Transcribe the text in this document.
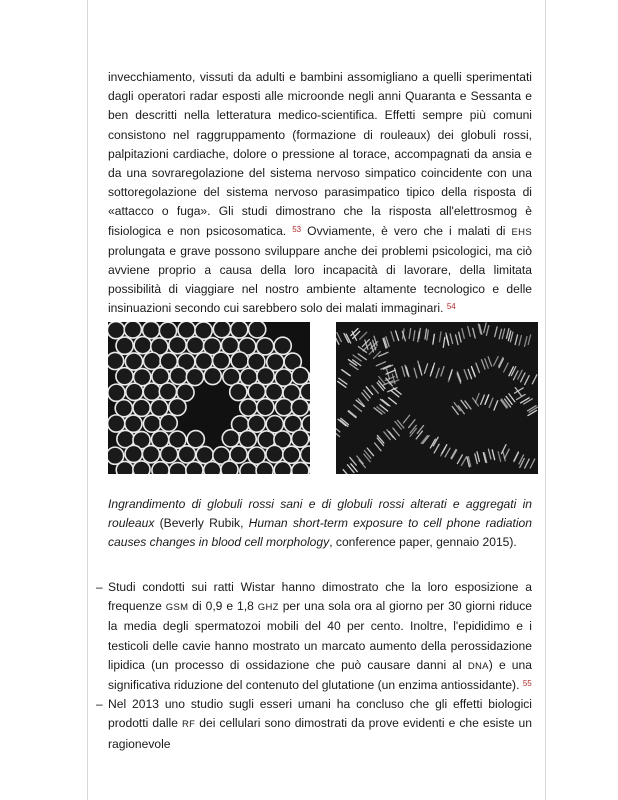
invecchiamento, vissuti da adulti e bambini assomigliano a quelli sperimentati dagli operatori radar esposti alle microonde negli anni Quaranta e Sessanta e ben descritti nella letteratura medico-scientifica. Effetti sempre più comuni consistono nel raggruppamento (formazione di rouleaux) dei globuli rossi, palpitazioni cardiache, dolore o pressione al torace, accompagnati da ansia e da una sovraregolazione del sistema nervoso simpatico coincidente con una sottoregolazione del sistema nervoso parasimpatico tipico della risposta di «attacco o fuga». Gli studi dimostrano che la risposta all'elettrosmog è fisiologica e non psicosomatica. $^{53}$ Ovviamente, è vero che i malati di EHS prolungata e grave possono sviluppare anche dei problemi psicologici, ma ciò avviene proprio a causa della loro incapacità di lavorare, della limitata possibilità di viaggiare nel nostro ambiente altamente tecnologico e delle insinuazioni secondo cui sarebbero solo dei malati immaginari. $^{54}$

Ingrandimento di globuli rossi sani e di globuli rossi alterati e aggregati in rouleaux (Beverly Rubik, Human short-term exposure to cell phone radiation causes changes in blood cell morphology, conference paper, gennaio 2015).

– Studi condotti sui ratti Wistar hanno dimostrato che la loro esposizione a frequenze GSM di 0,9 e 1,8 GHZ per una sola ora al giorno per 30 giorni riduce la media degli spermatozoi mobili del 40 per cento. Inoltre, l'epididimo e i testicoli delle cavie hanno mostrato un marcato aumento della perossidazione lipidica (un processo di ossidazione che può causare danni al DNA) e una significativa riduzione del contenuto del glutatione (un enzima antiossidante). $^{55}$
– Nel 2013 uno studio sugli esseri umani ha concluso che gli effetti biologici prodotti dalle RF dei cellulari sono dimostrati da prove evidenti e che esiste un ragionevole
